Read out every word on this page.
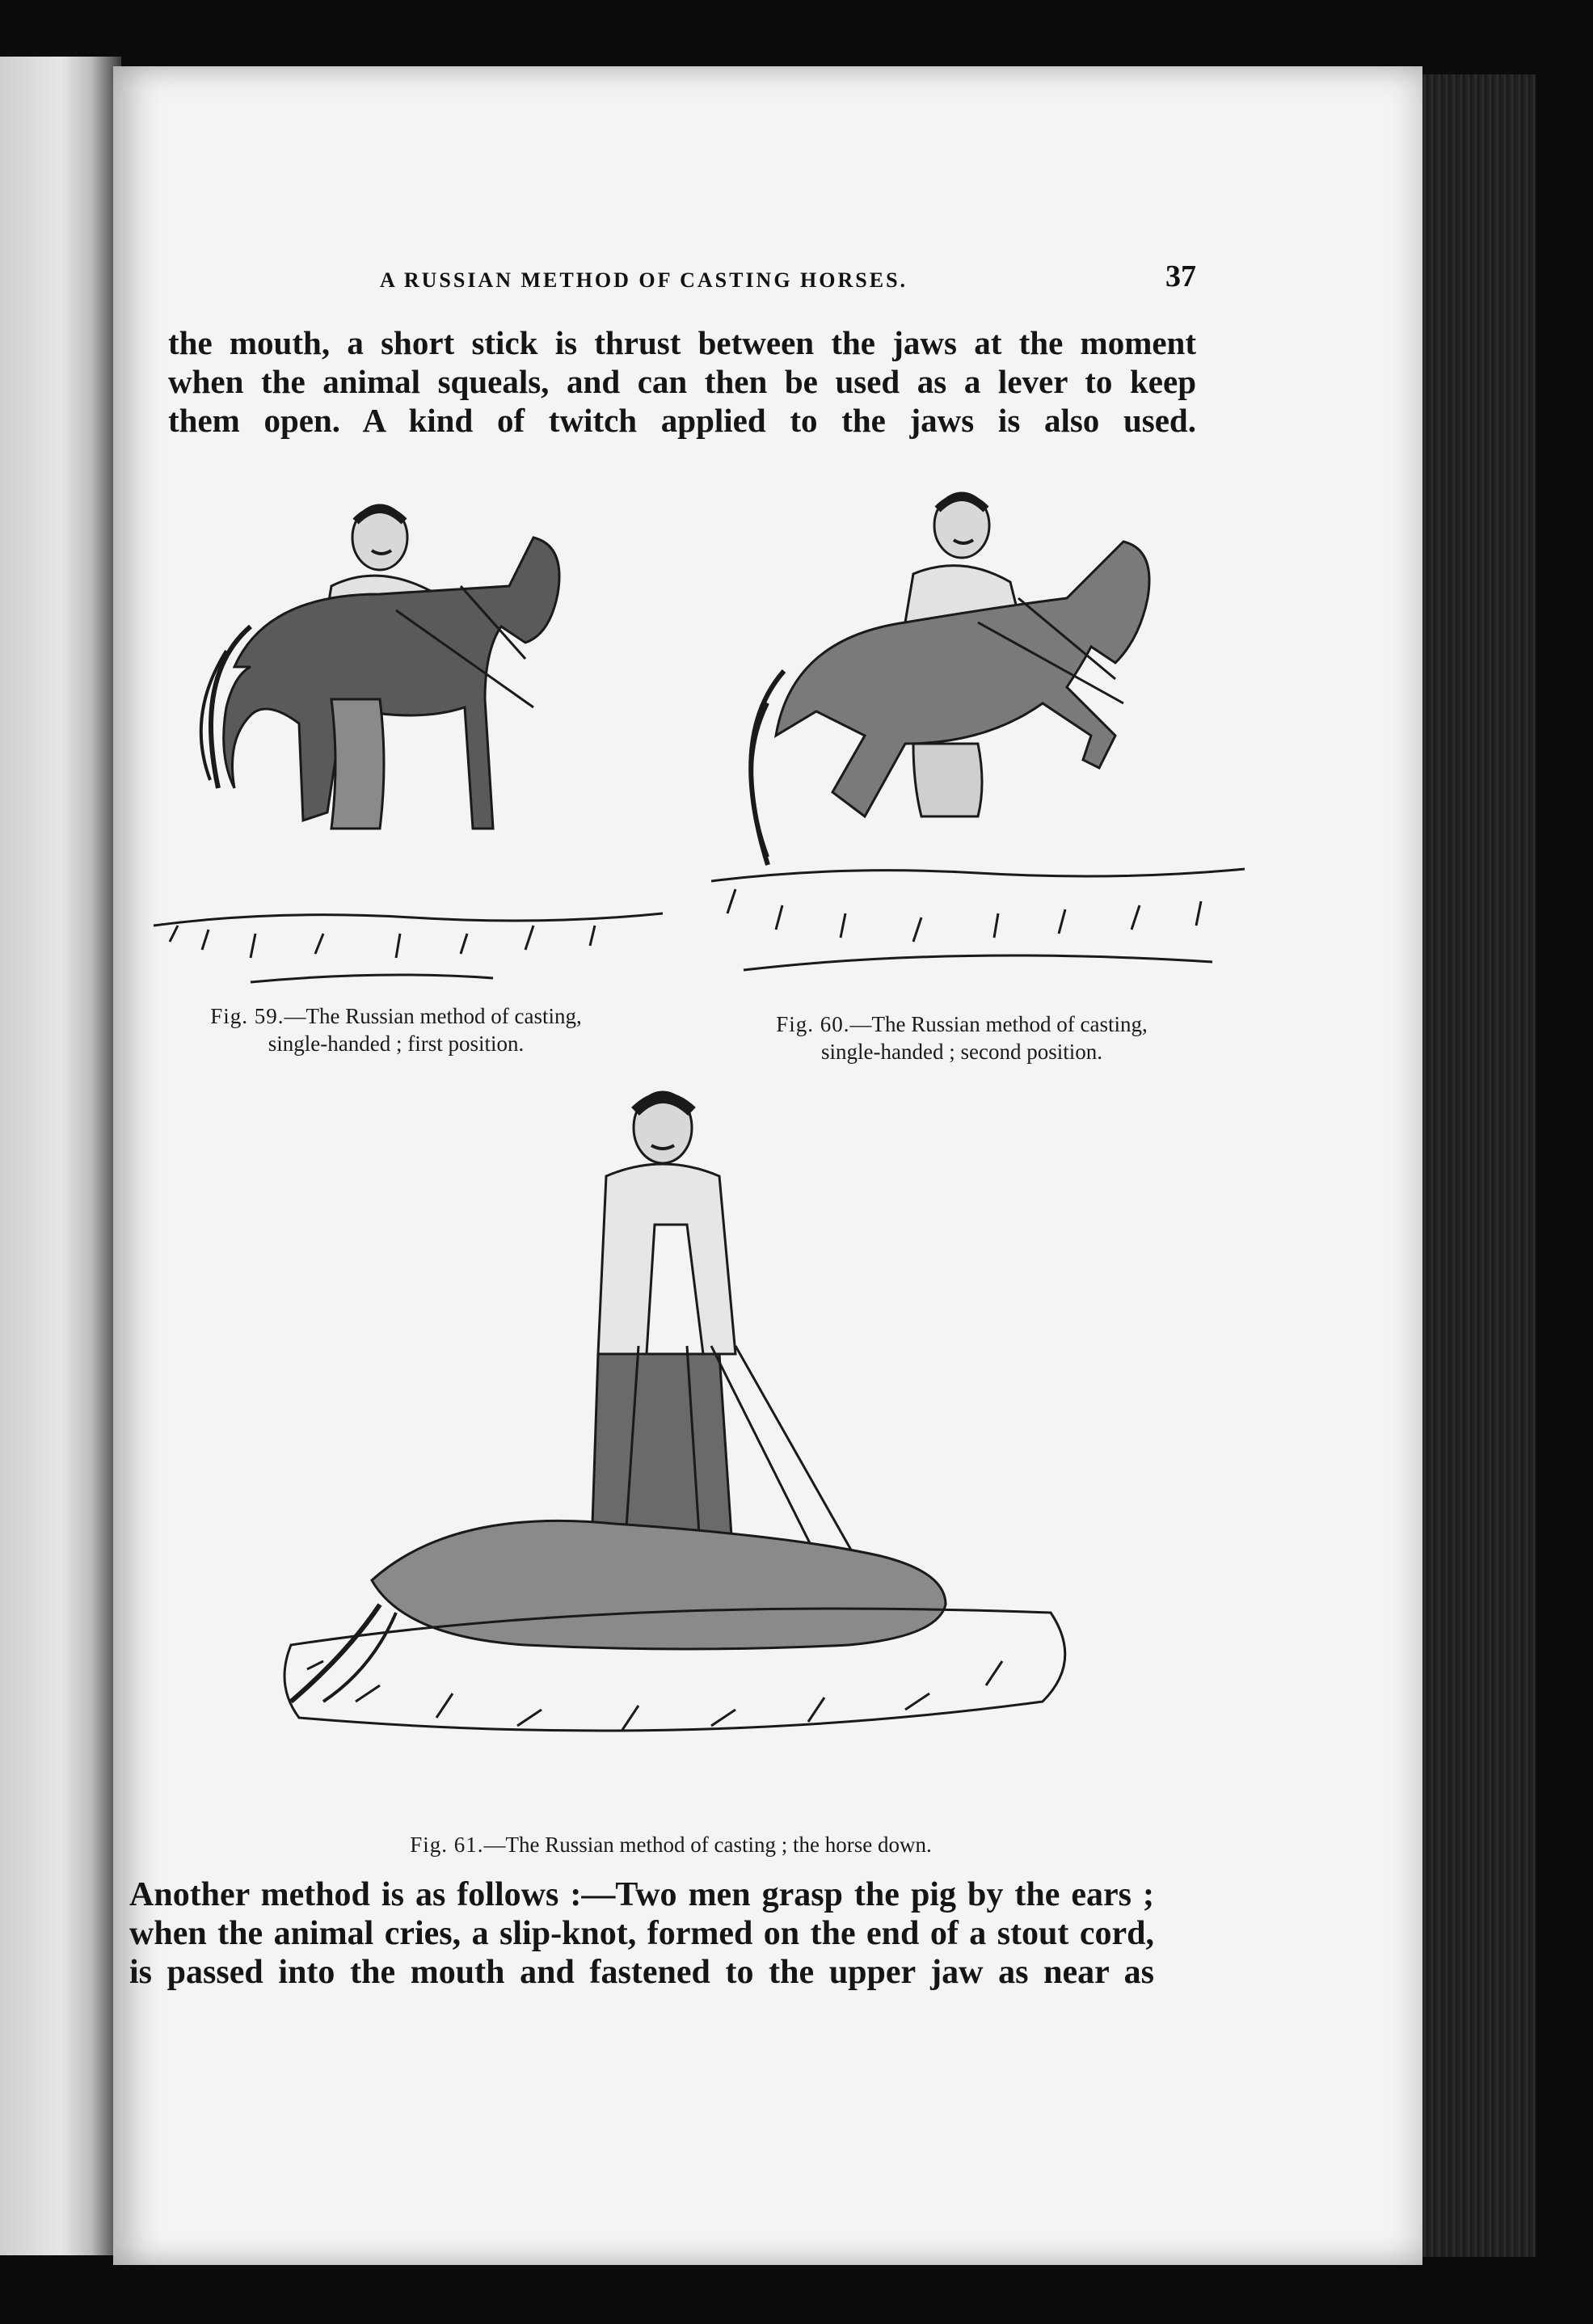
A RUSSIAN METHOD OF CASTING HORSES.	37
the mouth, a short stick is thrust between the jaws at the moment
when the animal squeals, and can then be used as a lever to keep
them open. A kind of twitch applied to the jaws is also used.
Fig. 59.—The Russian method of casting,
single-handed ; first position.
Fig. 60.—The Russian method of casting,
single-handed ; second position.
Fig. 61.—The Russian method of casting ; the horse down.
Another method is as follows :—Two men grasp the pig by the ears ;
when the animal cries, a slip-knot, formed on the end of a stout cord,
is passed into the mouth and fastened to the upper jaw as near as
